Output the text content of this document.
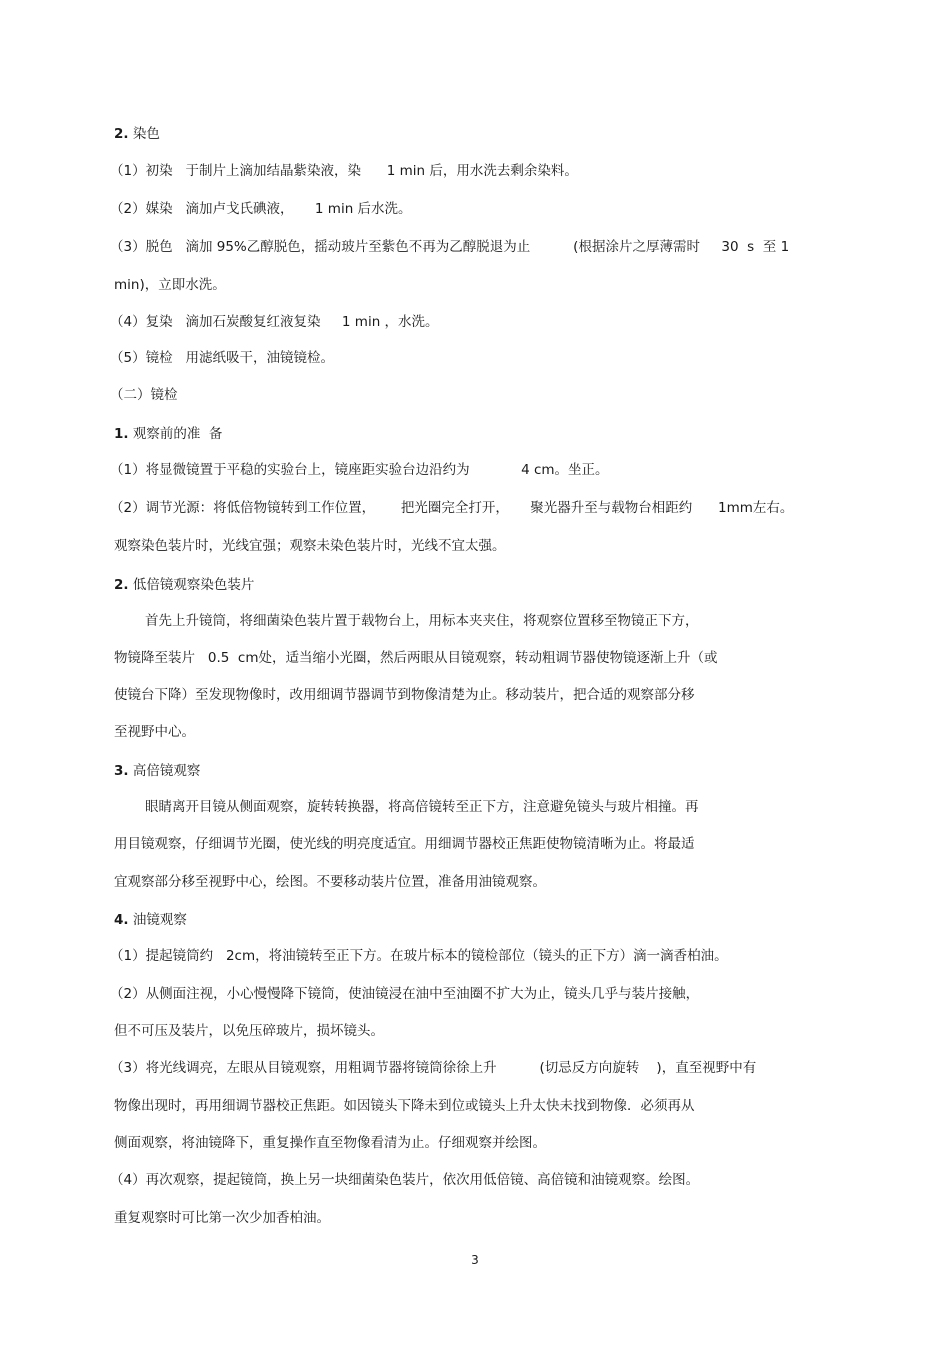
2. 染色

（1）初染   于制片上滴加结晶紫染液，染      1 min 后，用水洗去剩余染料。

（2）媒染   滴加卢戈氏碘液，     1 min 后水洗。

（3）脱色   滴加 95%乙醇脱色，摇动玻片至紫色不再为乙醇脱退为止          (根据涂片之厚薄需时     30  s  至 1

min)，立即水洗。

（4）复染   滴加石炭酸复红液复染     1 min ，水洗。

（5）镜检   用滤纸吸干，油镜镜检。

（二）镜检

1. 观察前的准  备

（1）将显微镜置于平稳的实验台上，镜座距实验台边沿约为            4 cm。坐正。

（2）调节光源：将低倍物镜转到工作位置，      把光圈完全打开，     聚光器升至与载物台相距约      1mm左右。

观察染色装片时，光线宜强；观察未染色装片时，光线不宜太强。

2. 低倍镜观察染色装片

首先上升镜筒，将细菌染色装片置于载物台上，用标本夹夹住，将观察位置移至物镜正下方，

物镜降至装片   0.5  cm处，适当缩小光圈，然后两眼从目镜观察，转动粗调节器使物镜逐渐上升（或

使镜台下降）至发现物像时，改用细调节器调节到物像清楚为止。移动装片，把合适的观察部分移

至视野中心。

3. 高倍镜观察

眼睛离开目镜从侧面观察，旋转转换器，将高倍镜转至正下方，注意避免镜头与玻片相撞。再

用目镜观察，仔细调节光圈，使光线的明亮度适宜。用细调节器校正焦距使物镜清晰为止。将最适

宜观察部分移至视野中心，绘图。不要移动装片位置，准备用油镜观察。

4. 油镜观察

（1）提起镜筒约   2cm，将油镜转至正下方。在玻片标本的镜检部位（镜头的正下方）滴一滴香柏油。

（2）从侧面注视，小心慢慢降下镜筒，使油镜浸在油中至油圈不扩大为止，镜头几乎与装片接触，

但不可压及装片，以免压碎玻片，损坏镜头。

（3）将光线调亮，左眼从目镜观察，用粗调节器将镜筒徐徐上升          (切忌反方向旋转    )，直至视野中有

物像出现时，再用细调节器校正焦距。如因镜头下降未到位或镜头上升太快未找到物像．必须再从

侧面观察，将油镜降下，重复操作直至物像看清为止。仔细观察并绘图。

（4）再次观察，提起镜筒，换上另一块细菌染色装片，依次用低倍镜、高倍镜和油镜观察。绘图。

重复观察时可比第一次少加香柏油。

3
